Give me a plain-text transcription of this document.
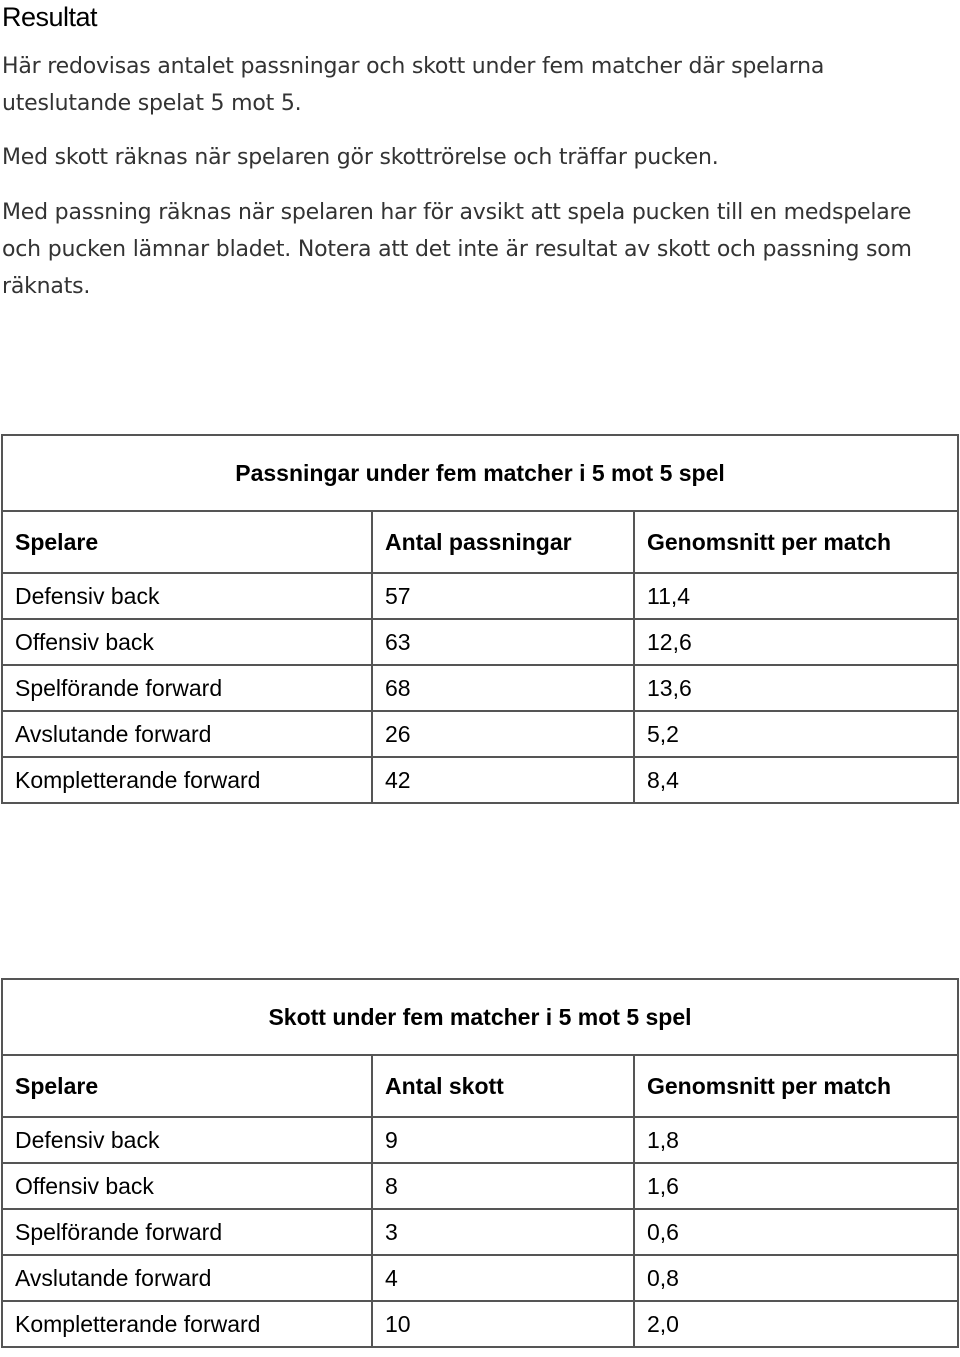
Resultat

Här redovisas antalet passningar och skott under fem matcher där spelarna uteslutande spelat 5 mot 5.

Med skott räknas när spelaren gör skottrörelse och träffar pucken.

Med passning räknas när spelaren har för avsikt att spela pucken till en medspelare och pucken lämnar bladet. Notera att det inte är resultat av skott och passning som räknats.

Passningar under fem matcher i 5 mot 5 spel		
Spelare	Antal passningar	Genomsnitt per match
Defensiv back	57	11,4
Offensiv back	63	12,6
Spelförande forward	68	13,6
Avslutande forward	26	5,2
Kompletterande forward	42	8,4
Skott under fem matcher i 5 mot 5 spel		
Spelare	Antal skott	Genomsnitt per match
Defensiv back	9	1,8
Offensiv back	8	1,6
Spelförande forward	3	0,6
Avslutande forward	4	0,8
Kompletterande forward	10	2,0
